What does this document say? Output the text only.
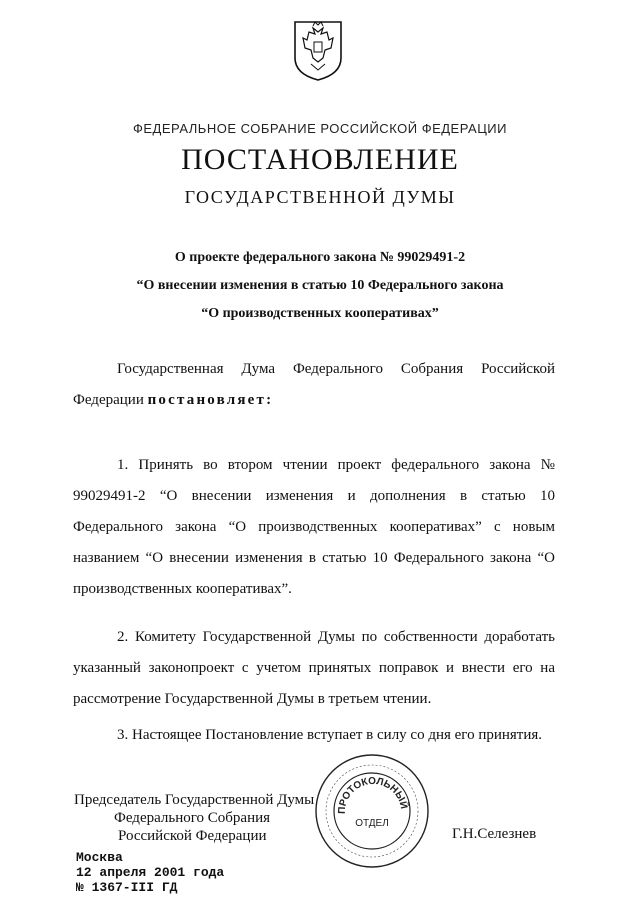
ФЕДЕРАЛЬНОЕ СОБРАНИЕ РОССИЙСКОЙ ФЕДЕРАЦИИ
ПОСТАНОВЛЕНИЕ
ГОСУДАРСТВЕННОЙ ДУМЫ
О проекте федерального закона № 99029491-2
“О внесении изменения в статью 10 Федерального закона
“О производственных кооперативах”
Государственная Дума Федерального Собрания Российской Федерации постановляет:
1. Принять во втором чтении проект федерального закона № 99029491-2 “О внесении изменения и дополнения в статью 10 Федерального закона “О производственных кооперативах” с новым названием “О внесении изменения в статью 10 Федерального закона “О производственных кооперативах”.
2. Комитету Государственной Думы по собственности доработать указанный законопроект с учетом принятых поправок и внести его на рассмотрение Государственной Думы в третьем чтении.
3. Настоящее Постановление вступает в силу со дня его принятия.
ПРОТОКОЛЬНЫЙ
ОТДЕЛ
Председатель Государственной Думы
Федерального Собрания
Российской Федерации	Г.Н.Селезнев
Москва
12 апреля 2001 года
№ 1367-III ГД
